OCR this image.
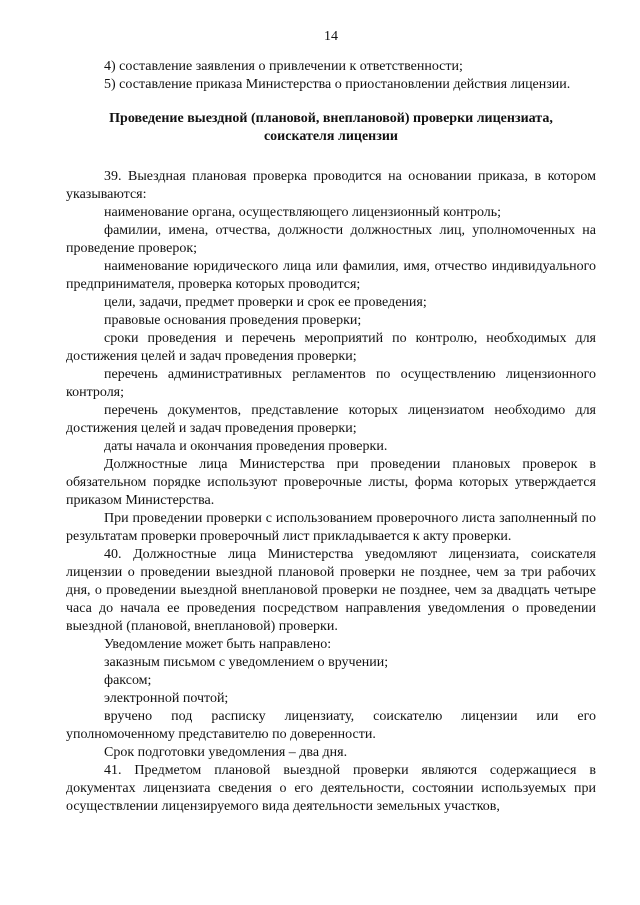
14

4) составление заявления о привлечении к ответственности;

5) составление приказа Министерства о приостановлении действия лицензии.

Проведение выездной (плановой, внеплановой) проверки лицензиата, соискателя лицензии

39. Выездная плановая проверка проводится на основании приказа, в котором указываются:

наименование органа, осуществляющего лицензионный контроль;

фамилии, имена, отчества, должности должностных лиц, уполномоченных на проведение проверок;

наименование юридического лица или фамилия, имя, отчество индивидуального предпринимателя, проверка которых проводится;

цели, задачи, предмет проверки и срок ее проведения;

правовые основания проведения проверки;

сроки проведения и перечень мероприятий по контролю, необходимых для достижения целей и задач проведения проверки;

перечень административных регламентов по осуществлению лицензионного контроля;

перечень документов, представление которых лицензиатом необходимо для достижения целей и задач проведения проверки;

даты начала и окончания проведения проверки.

Должностные лица Министерства при проведении плановых проверок в обязательном порядке используют проверочные листы, форма которых утверждается приказом Министерства.

При проведении проверки с использованием проверочного листа заполненный по результатам проверки проверочный лист прикладывается к акту проверки.

40. Должностные лица Министерства уведомляют лицензиата, соискателя лицензии о проведении выездной плановой проверки не позднее, чем за три рабочих дня, о проведении выездной внеплановой проверки не позднее, чем за двадцать четыре часа до начала ее проведения посредством направления уведомления о проведении выездной (плановой, внеплановой) проверки.

Уведомление может быть направлено:

заказным письмом с уведомлением о вручении;

факсом;

электронной почтой;

вручено под расписку лицензиату, соискателю лицензии или его уполномоченному представителю по доверенности.

Срок подготовки уведомления – два дня.

41. Предметом плановой выездной проверки являются содержащиеся в документах лицензиата сведения о его деятельности, состоянии используемых при осуществлении лицензируемого вида деятельности земельных участков,
